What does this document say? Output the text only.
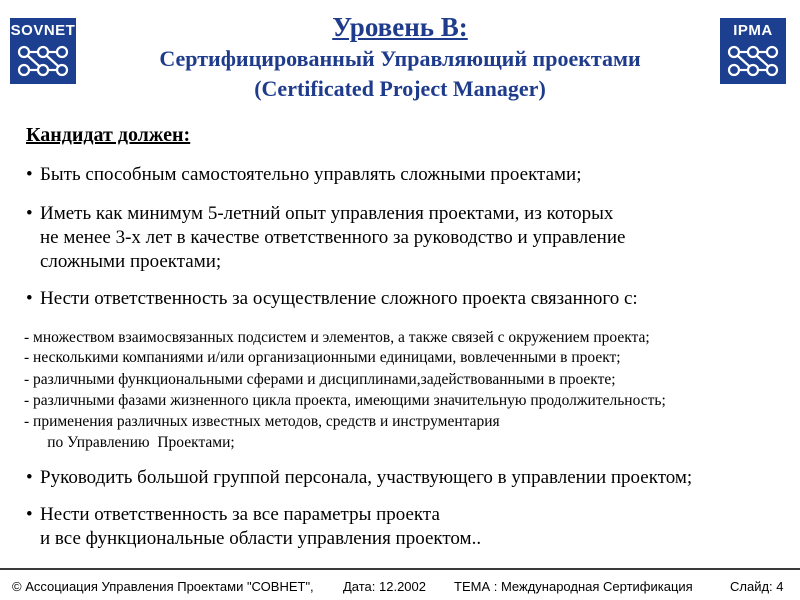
SOVNET	IPMA
Уровень B:
Сертифицированный Управляющий проектами
(Certificated Project Manager)
Кандидат должен:
• Быть способным самостоятельно управлять сложными проектами;
• Иметь как минимум 5-летний опыт управления проектами, из которых
не менее 3-х лет в качестве ответственного за руководство и управление
сложными проектами;
• Нести ответственность за осуществление сложного проекта связанного с:
- множеством взаимосвязанных подсистем и элементов, а также связей с окружением проекта;
- несколькими компаниями и/или организационными единицами, вовлеченными в проект;
- различными функциональными сферами и дисциплинами,задействованными в проекте;
- различными фазами жизненного цикла проекта, имеющими значительную продолжительность;
- применения различных известных методов, средств и инструментария
по Управлению  Проектами;
• Руководить большой группой персонала, участвующего в управлении проектом;
• Нести ответственность за все параметры проекта
и все функциональные области управления проектом..
© Ассоциация Управления Проектами "СОВНЕТ", Дата: 12.2002 ТЕМА : Международная Сертификация	Слайд: 4
